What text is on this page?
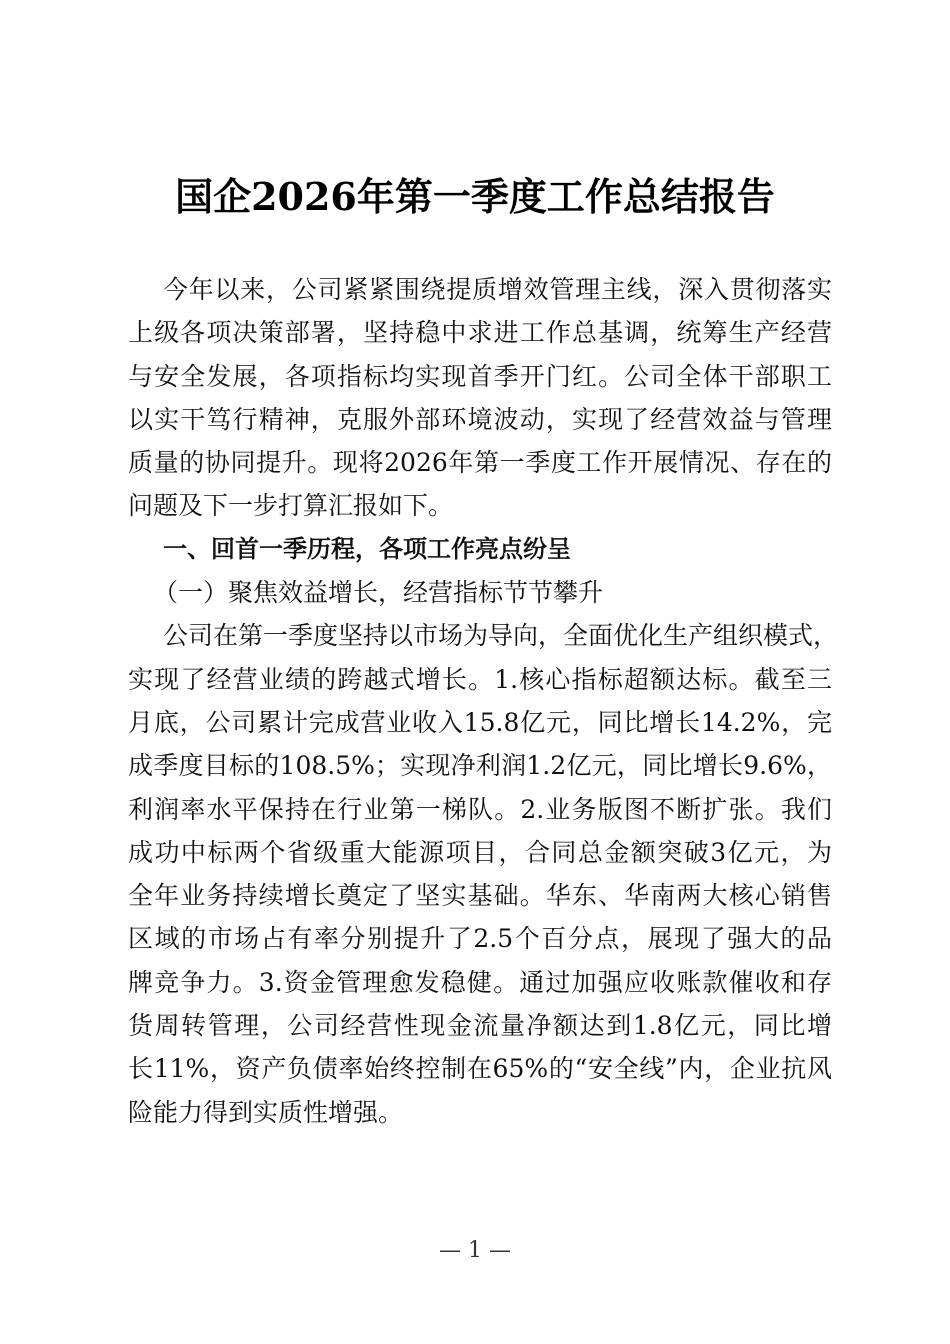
国企2026年第一季度工作总结报告
今年以来，公司紧紧围绕提质增效管理主线，深入贯彻落实
上级各项决策部署，坚持稳中求进工作总基调，统筹生产经营
与安全发展，各项指标均实现首季开门红。公司全体干部职工
以实干笃行精神，克服外部环境波动，实现了经营效益与管理
质量的协同提升。现将2026年第一季度工作开展情况、存在的
问题及下一步打算汇报如下。
一、回首一季历程，各项工作亮点纷呈
（一）聚焦效益增长，经营指标节节攀升
公司在第一季度坚持以市场为导向，全面优化生产组织模式，
实现了经营业绩的跨越式增长。1.核心指标超额达标。截至三
月底，公司累计完成营业收入15.8亿元，同比增长14.2%，完
成季度目标的108.5%；实现净利润1.2亿元，同比增长9.6%，
利润率水平保持在行业第一梯队。2.业务版图不断扩张。我们
成功中标两个省级重大能源项目，合同总金额突破3亿元，为
全年业务持续增长奠定了坚实基础。华东、华南两大核心销售
区域的市场占有率分别提升了2.5个百分点，展现了强大的品
牌竞争力。3.资金管理愈发稳健。通过加强应收账款催收和存
货周转管理，公司经营性现金流量净额达到1.8亿元，同比增
长11%，资产负债率始终控制在65%的“安全线”内，企业抗风
险能力得到实质性增强。
— 1 —
